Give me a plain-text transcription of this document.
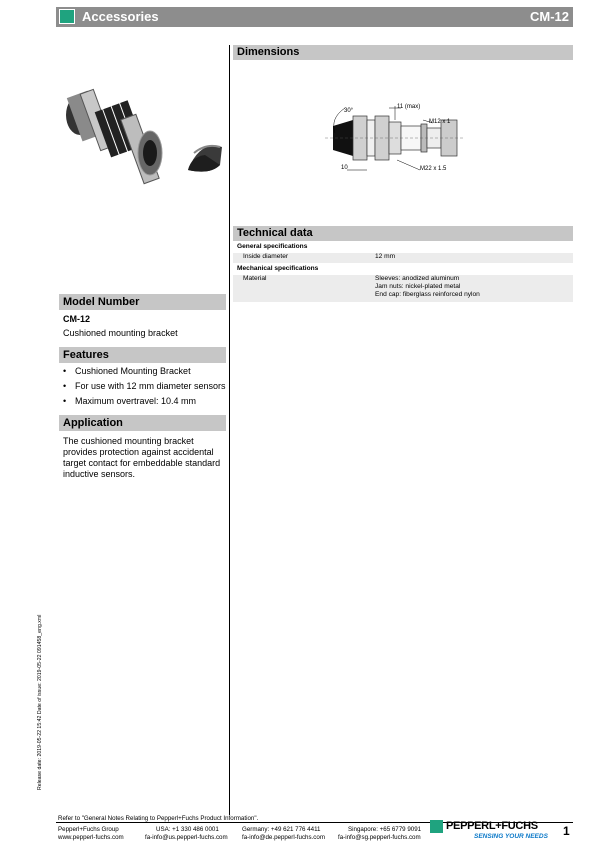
Accessories	CM-12
Dimensions
30°
11 (max)
M12 x 1
10	M22 x 1.5
Technical data
General specifications
Inside diameter	12 mm
Mechanical specifications
Material	Sleeves: anodized aluminum
Jam nuts: nickel-plated metal
End cap: fiberglass reinforced nylon
Model Number
CM-12
Cushioned mounting bracket
Features
• Cushioned Mounting Bracket
• For use with 12 mm diameter sensors
• Maximum overtravel: 10.4 mm
Application
The cushioned mounting bracket
provides protection against accidental
target contact for embeddable standard
inductive sensors.
Release date: 2019-05-22 15:42 Date of issue: 2019-05-22 091458_eng.xml
Refer to "General Notes Relating to Pepperl+Fuchs Product Information".
Pepperl+Fuchs Group
www.pepperl-fuchs.com
USA: +1 330 486 0001
fa-info@us.pepperl-fuchs.com
Germany: +49 621 776 4411
fa-info@de.pepperl-fuchs.com
Singapore: +65 6779 9091
fa-info@sg.pepperl-fuchs.com
PEPPERL+FUCHS
SENSING YOUR NEEDS 1
